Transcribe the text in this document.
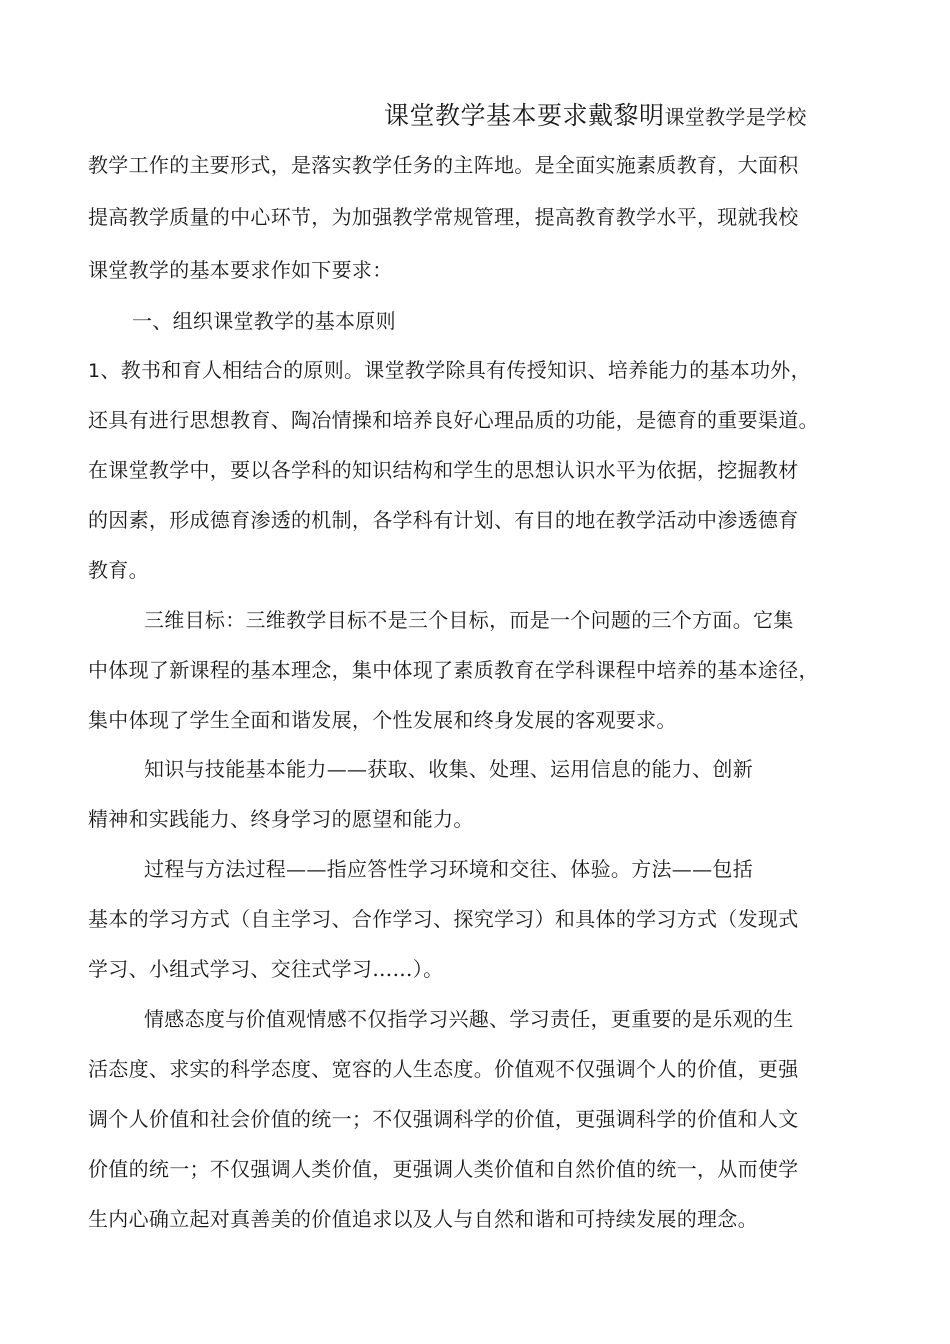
课堂教学基本要求戴黎明课堂教学是学校
教学工作的主要形式，是落实教学任务的主阵地。是全面实施素质教育，大面积
提高教学质量的中心环节，为加强教学常规管理，提高教育教学水平，现就我校
课堂教学的基本要求作如下要求：
一、组织课堂教学的基本原则
1、教书和育人相结合的原则。课堂教学除具有传授知识、培养能力的基本功外，
还具有进行思想教育、陶冶情操和培养良好心理品质的功能，是德育的重要渠道。
在课堂教学中，要以各学科的知识结构和学生的思想认识水平为依据，挖掘教材
的因素，形成德育渗透的机制，各学科有计划、有目的地在教学活动中渗透德育
教育。
三维目标：三维教学目标不是三个目标，而是一个问题的三个方面。它集
中体现了新课程的基本理念，集中体现了素质教育在学科课程中培养的基本途径，
集中体现了学生全面和谐发展，个性发展和终身发展的客观要求。
知识与技能基本能力——获取、收集、处理、运用信息的能力、创新
精神和实践能力、终身学习的愿望和能力。
过程与方法过程——指应答性学习环境和交往、体验。方法——包括
基本的学习方式（自主学习、合作学习、探究学习）和具体的学习方式（发现式
学习、小组式学习、交往式学习……）。
情感态度与价值观情感不仅指学习兴趣、学习责任，更重要的是乐观的生
活态度、求实的科学态度、宽容的人生态度。价值观不仅强调个人的价值，更强
调个人价值和社会价值的统一；不仅强调科学的价值，更强调科学的价值和人文
价值的统一；不仅强调人类价值，更强调人类价值和自然价值的统一，从而使学
生内心确立起对真善美的价值追求以及人与自然和谐和可持续发展的理念。
